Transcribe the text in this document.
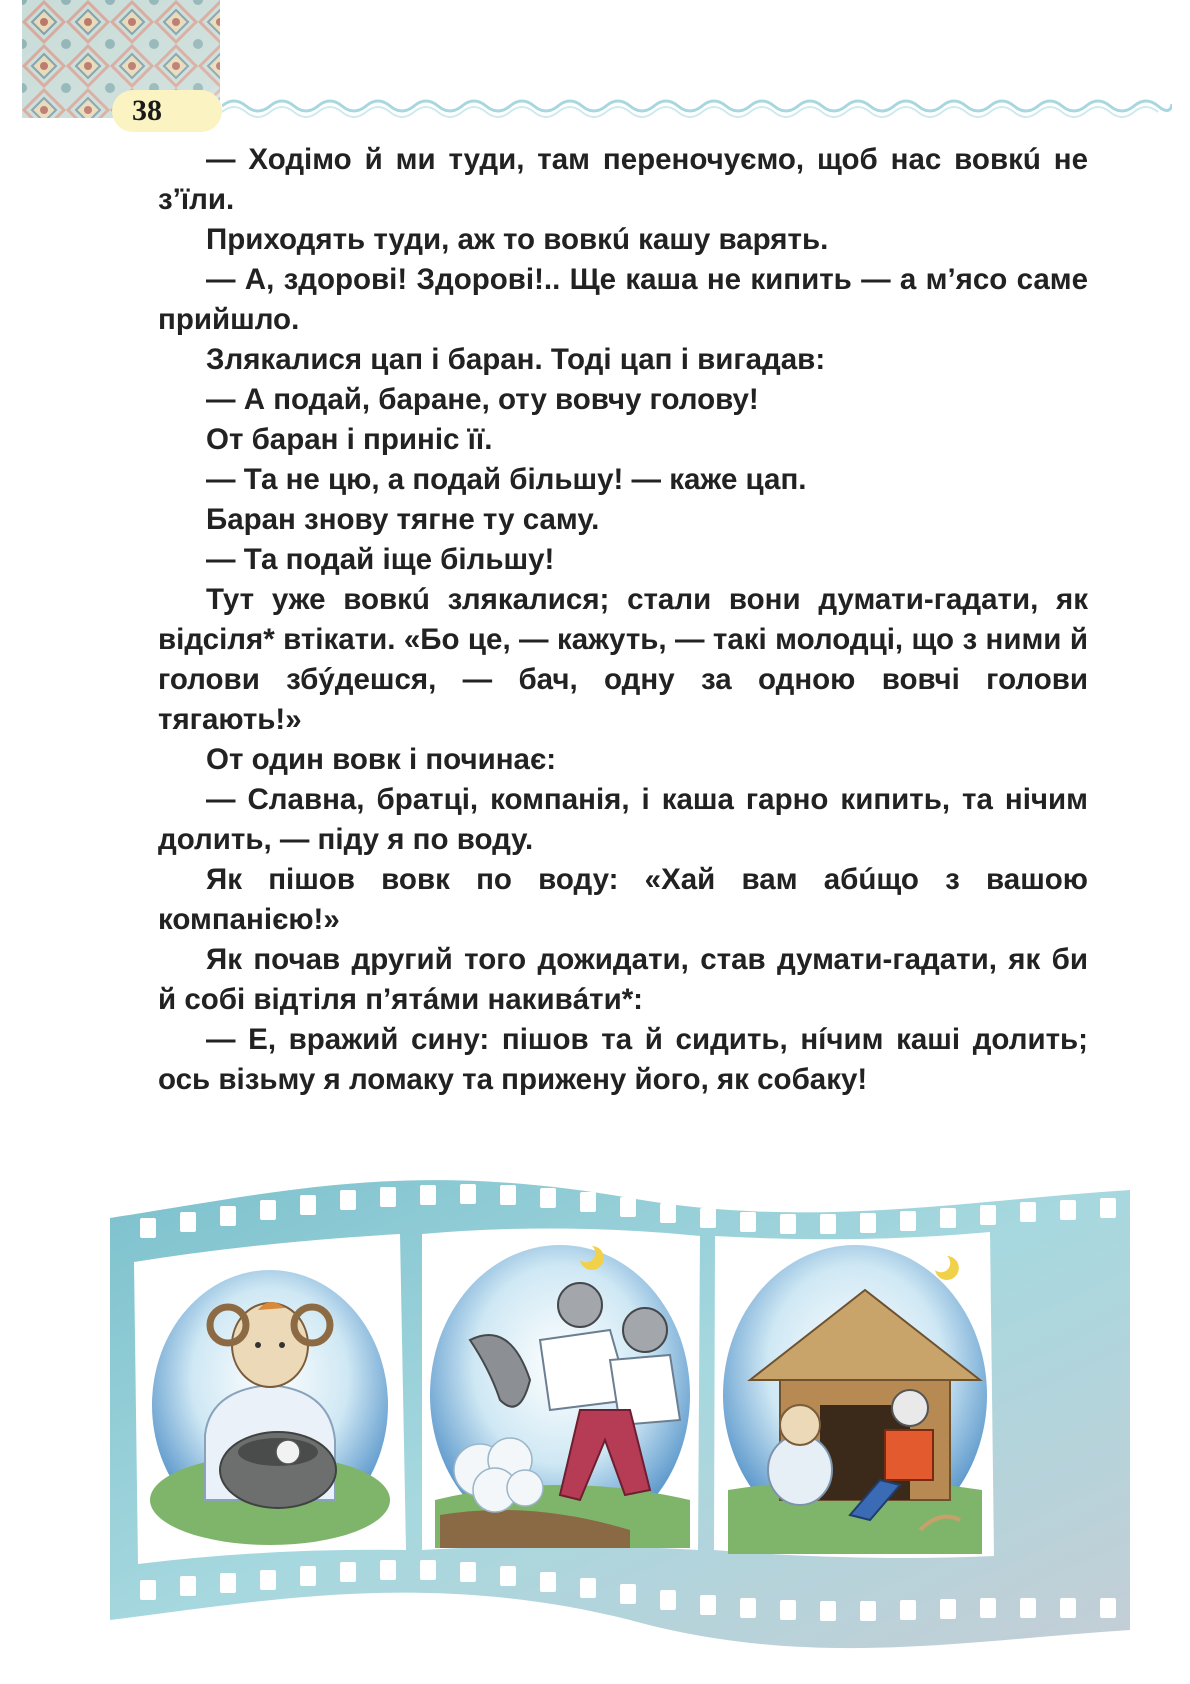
38

— Ходімо й ми туди, там переночуємо, щоб нас вовкú не з’їли.

Приходять туди, аж то вовкú кашу варять.

— А, здорові! Здорові!.. Ще каша не кипить — а м’ясо саме прийшло.

Злякалися цап і баран. Тоді цап і вигадав:

— А подай, баране, оту вовчу голову!

От баран і приніс її.

— Та не цю, а подай більшу! — каже цап.

Баран знову тягне ту саму.

— Та подай іще більшу!

Тут уже вовкú злякалися; стали вони думати-гадати, як відсіля* втікати. «Бо це, — кажуть, — такі молодці, що з ними й голови збýдешся, — бач, одну за одною вовчі голови тягають!»

От один вовк і починає:

— Славна, братці, компанія, і каша гарно кипить, та нічим долить, — піду я по воду.

Як пішов вовк по воду: «Хай вам абúщо з вашою компанією!»

Як почав другий того дожидати, став думати-гадати, як би й собі відтіля п’ятáми накивáти*:

— Е, вражий сину: пішов та й сидить, нíчим каші долить; ось візьму я ломаку та прижену його, як собаку!
